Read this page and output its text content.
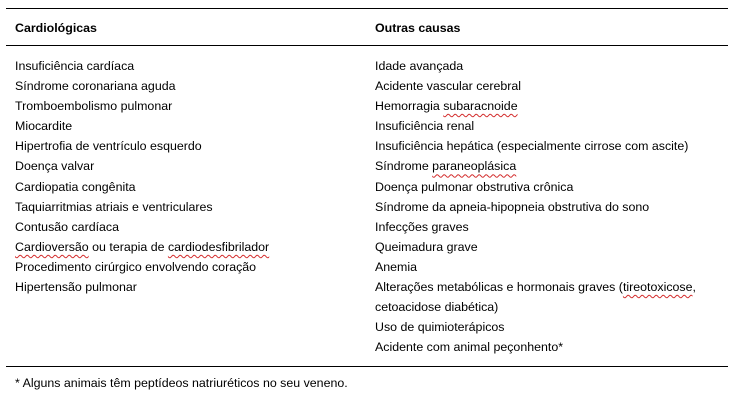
Cardiológicas	Outras causas
Insuficiência cardíaca
Síndrome coronariana aguda
Tromboembolismo pulmonar
Miocardite
Hipertrofia de ventrículo esquerdo
Doença valvar
Cardiopatia congênita
Taquiarritmias atriais e ventriculares
Contusão cardíaca
Cardioversão ou terapia de cardiodesfibrilador
Procedimento cirúrgico envolvendo coração
Hipertensão pulmonar
Idade avançada
Acidente vascular cerebral
Hemorragia subaracnoide
Insuficiência renal
Insuficiência hepática (especialmente cirrose com ascite)
Síndrome paraneoplásica
Doença pulmonar obstrutiva crônica
Síndrome da apneia-hipopneia obstrutiva do sono
Infecções graves
Queimadura grave
Anemia
Alterações metabólicas e hormonais graves (tireotoxicose, cetoacidose diabética)
Uso de quimioterápicos
Acidente com animal peçonhento*
* Alguns animais têm peptídeos natriuréticos no seu veneno.
